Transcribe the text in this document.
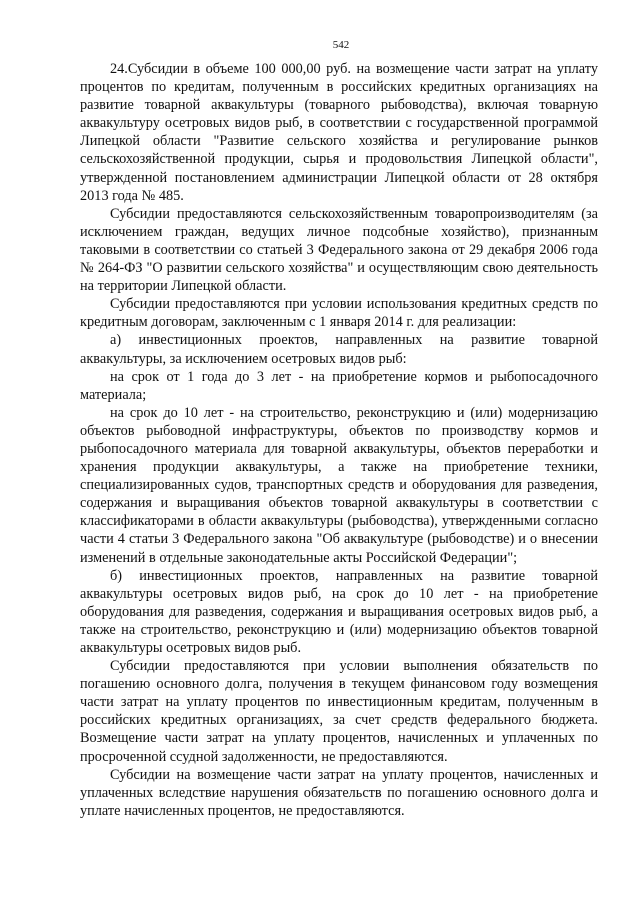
542

24.Субсидии в объеме 100 000,00 руб. на возмещение части затрат на уплату процентов по кредитам, полученным в российских кредитных организациях на развитие товарной аквакультуры (товарного рыбоводства), включая товарную аквакультуру осетровых видов рыб, в соответствии с государственной программой Липецкой области "Развитие сельского хозяйства и регулирование рынков сельскохозяйственной продукции, сырья и продовольствия Липецкой области", утвержденной постановлением администрации Липецкой области от 28 октября 2013 года № 485.

Субсидии предоставляются сельскохозяйственным товаропроизводителям (за исключением граждан, ведущих личное подсобные хозяйство), признанным таковыми в соответствии со статьей 3 Федерального закона от 29 декабря 2006 года № 264-ФЗ "О развитии сельского хозяйства" и осуществляющим свою деятельность на территории Липецкой области.

Субсидии предоставляются при условии использования кредитных средств по кредитным договорам, заключенным с 1 января 2014 г. для реализации:

а) инвестиционных проектов, направленных на развитие товарной аквакультуры, за исключением осетровых видов рыб:

на срок от 1 года до 3 лет - на приобретение кормов и рыбопосадочного материала;

на срок до 10 лет - на строительство, реконструкцию и (или) модернизацию объектов рыбоводной инфраструктуры, объектов по производству кормов и рыбопосадочного материала для товарной аквакультуры, объектов переработки и хранения продукции аквакультуры, а также на приобретение техники, специализированных судов, транспортных средств и оборудования для разведения, содержания и выращивания объектов товарной аквакультуры в соответствии с классификаторами в области аквакультуры (рыбоводства), утвержденными согласно части 4 статьи 3 Федерального закона "Об аквакультуре (рыбоводстве) и о внесении изменений в отдельные законодательные акты Российской Федерации";

б) инвестиционных проектов, направленных на развитие товарной аквакультуры осетровых видов рыб, на срок до 10 лет - на приобретение оборудования для разведения, содержания и выращивания осетровых видов рыб, а также на строительство, реконструкцию и (или) модернизацию объектов товарной аквакультуры осетровых видов рыб.

Субсидии предоставляются при условии выполнения обязательств по погашению основного долга, получения в текущем финансовом году возмещения части затрат на уплату процентов по инвестиционным кредитам, полученным в российских кредитных организациях, за счет средств федерального бюджета. Возмещение части затрат на уплату процентов, начисленных и уплаченных по просроченной ссудной задолженности, не предоставляются.

Субсидии на возмещение части затрат на уплату процентов, начисленных и уплаченных вследствие нарушения обязательств по погашению основного долга и уплате начисленных процентов, не предоставляются.
